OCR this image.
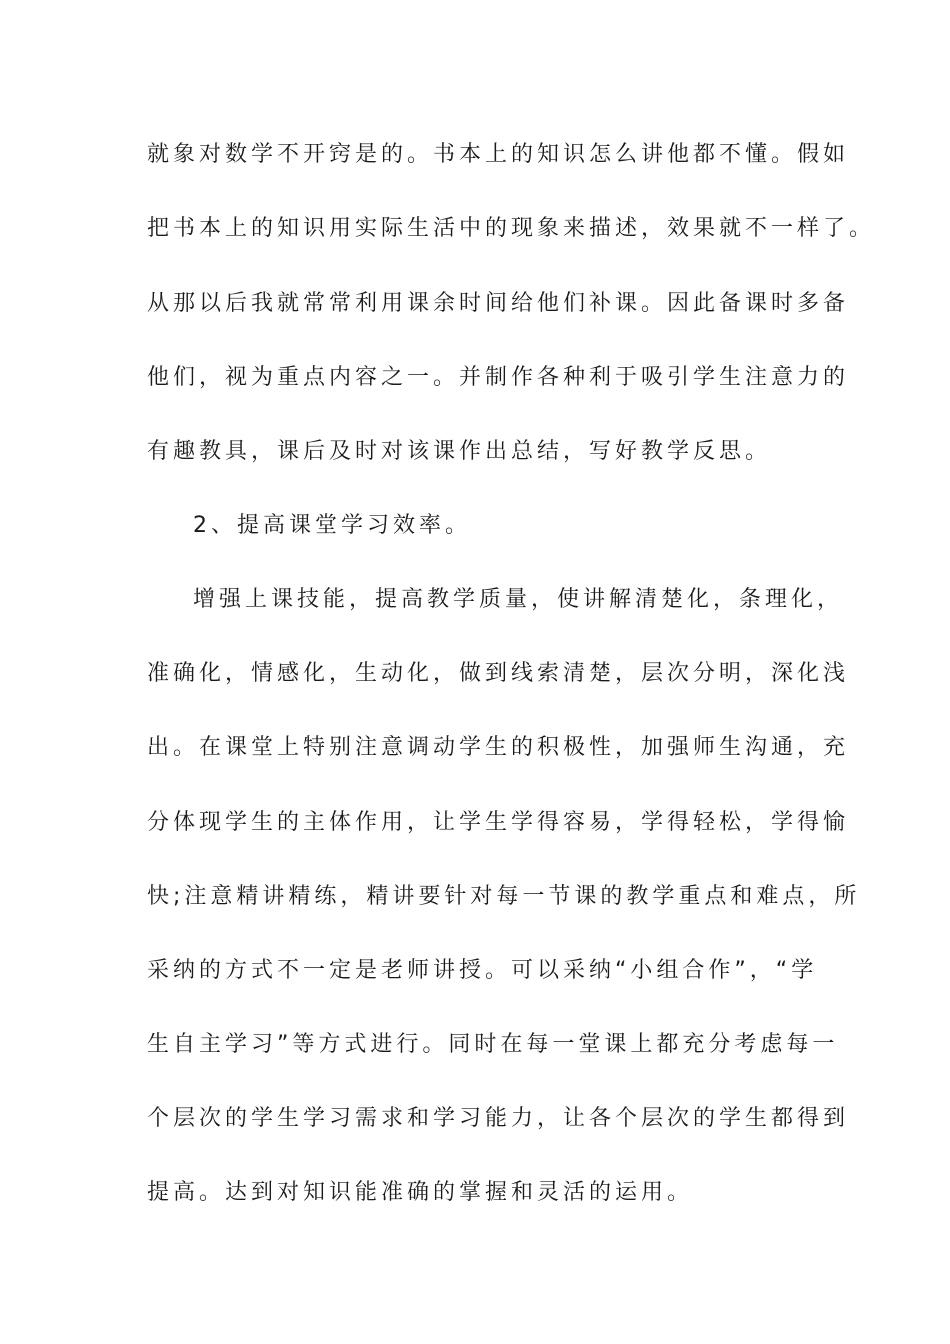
就象对数学不开窍是的。书本上的知识怎么讲他都不懂。假如
把书本上的知识用实际生活中的现象来描述，效果就不一样了。
从那以后我就常常利用课余时间给他们补课。因此备课时多备
他们，视为重点内容之一。并制作各种利于吸引学生注意力的
有趣教具，课后及时对该课作出总结，写好教学反思。
2、提高课堂学习效率。
增强上课技能，提高教学质量，使讲解清楚化，条理化，
准确化，情感化，生动化，做到线索清楚，层次分明，深化浅
出。在课堂上特别注意调动学生的积极性，加强师生沟通，充
分体现学生的主体作用，让学生学得容易，学得轻松，学得愉
快;注意精讲精练，精讲要针对每一节课的教学重点和难点，所
采纳的方式不一定是老师讲授。可以采纳“小组合作”，“学
生自主学习”等方式进行。同时在每一堂课上都充分考虑每一
个层次的学生学习需求和学习能力，让各个层次的学生都得到
提高。达到对知识能准确的掌握和灵活的运用。
